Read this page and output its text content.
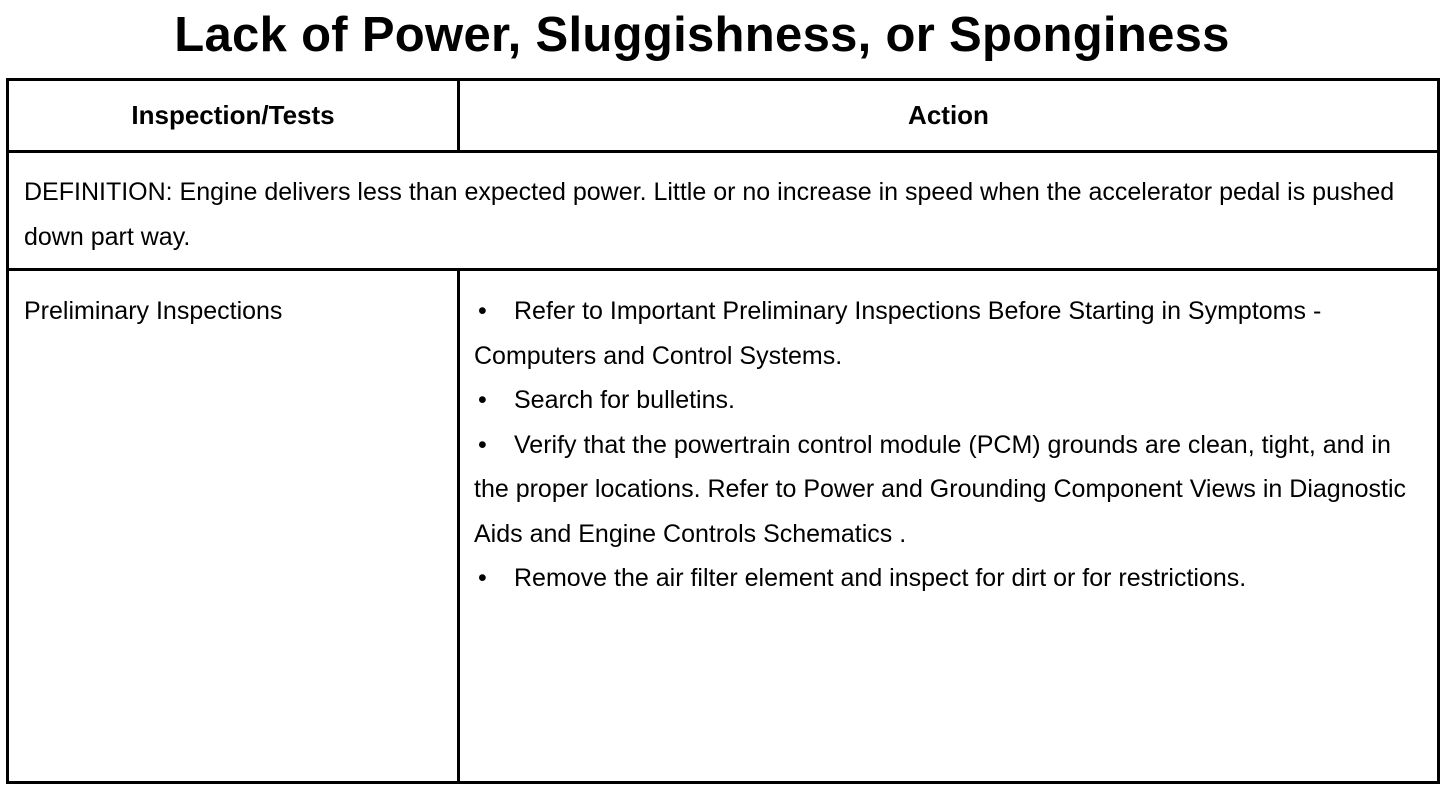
Lack of Power, Sluggishness, or Sponginess
Inspection/Tests	Action
DEFINITION: Engine delivers less than expected power. Little or no increase in speed when the accelerator pedal is pushed down part way.
Preliminary Inspections	• Refer to Important Preliminary Inspections Before Starting in Symptoms - Computers and Control Systems.

• Search for bulletins.

• Verify that the powertrain control module (PCM) grounds are clean, tight, and in the proper locations. Refer to Power and Grounding Component Views in Diagnostic Aids and Engine Controls Schematics .

• Remove the air filter element and inspect for dirt or for restrictions.
